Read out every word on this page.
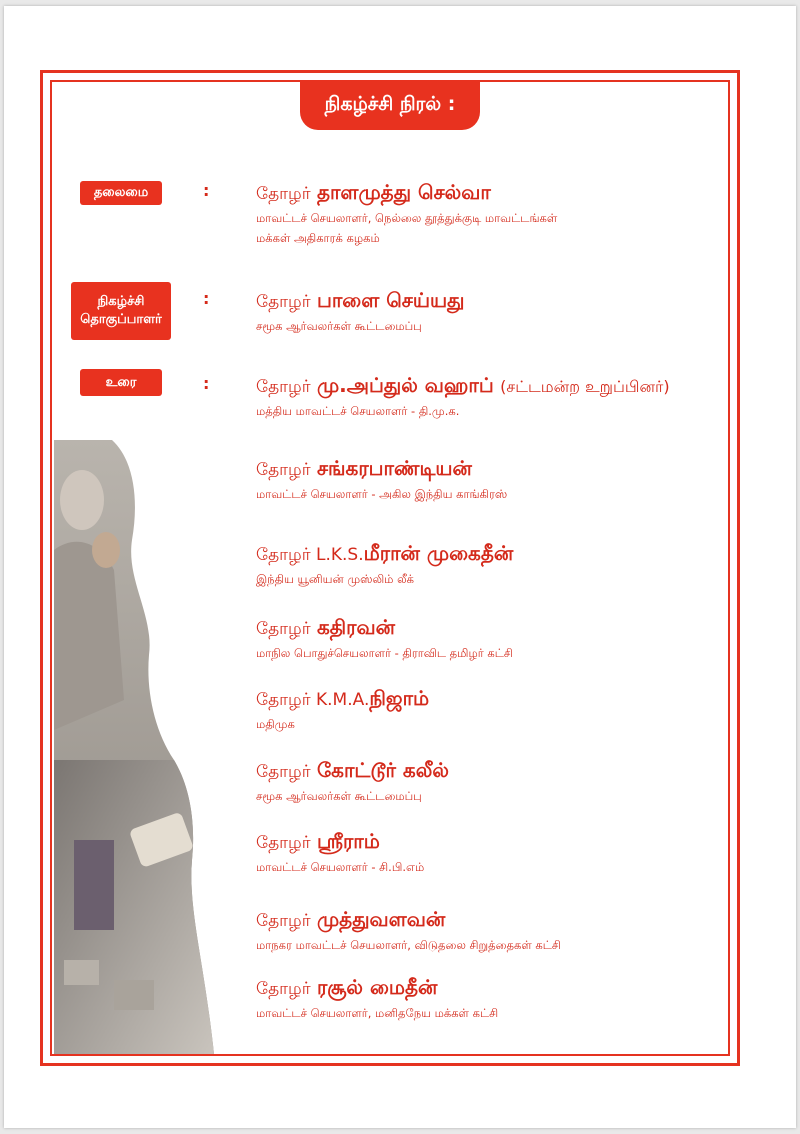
நிகழ்ச்சி நிரல் :
தலைமை
நிகழ்ச்சி
தொகுப்பாளர்
உரை
:
:
:
தோழர் தாளமுத்து செல்வா
மாவட்டச் செயலாளர், நெல்லை தூத்துக்குடி மாவட்டங்கள்
மக்கள் அதிகாரக் கழகம்
தோழர் பாளை செய்யது
சமூக ஆர்வலர்கள் கூட்டமைப்பு
தோழர் மு.அப்துல் வஹாப் (சட்டமன்ற உறுப்பினர்)
மத்திய மாவட்டச் செயலாளர் - தி.மு.க.
தோழர் சங்கரபாண்டியன்
மாவட்டச் செயலாளர் - அகில இந்திய காங்கிரஸ்
தோழர் L.K.S.மீரான் முகைதீன்
இந்திய யூனியன் முஸ்லிம் லீக்
தோழர் கதிரவன்
மாநில பொதுச்செயலாளர் - திராவிட தமிழர் கட்சி
தோழர் K.M.A.நிஜாம்
மதிமுக
தோழர் கோட்டூர் கலீல்
சமூக ஆர்வலர்கள் கூட்டமைப்பு
தோழர் ஸ்ரீராம்
மாவட்டச் செயலாளர் - சி.பி.எம்
தோழர் முத்துவளவன்
மாநகர மாவட்டச் செயலாளர், விடுதலை சிறுத்தைகள் கட்சி
தோழர் ரசூல் மைதீன்
மாவட்டச் செயலாளர், மனிதநேய மக்கள் கட்சி
